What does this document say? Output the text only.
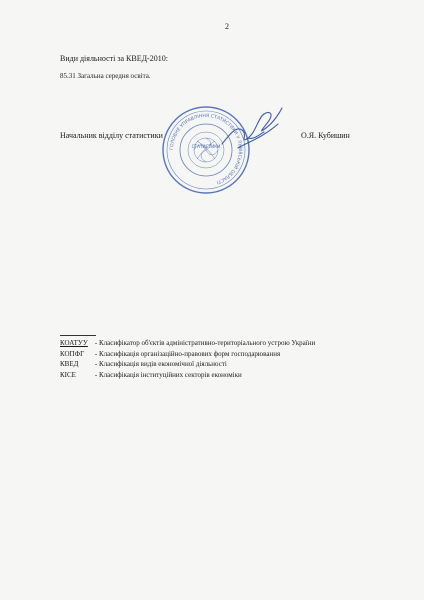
2
Види діяльності за КВЕД-2010:
85.31 Загальна середня освіта.
Начальник відділу статистики	О.Я. Кубишин
ГОЛОВНЕ УПРАВЛІННЯ СТАТИСТИКИ У ЛЬВІВСЬКІЙ ОБЛАСТІ
СТАТИСТИКИ
КОАТУУ - Класифікатор об'єктів адміністративно-територіального устрою України
КОПФГ	- Класифікація організаційно-правових форм господарювання
КВЕД	- Класифікація видів економічної діяльності
КІСЕ	- Класифікація інституційних секторів економіки
